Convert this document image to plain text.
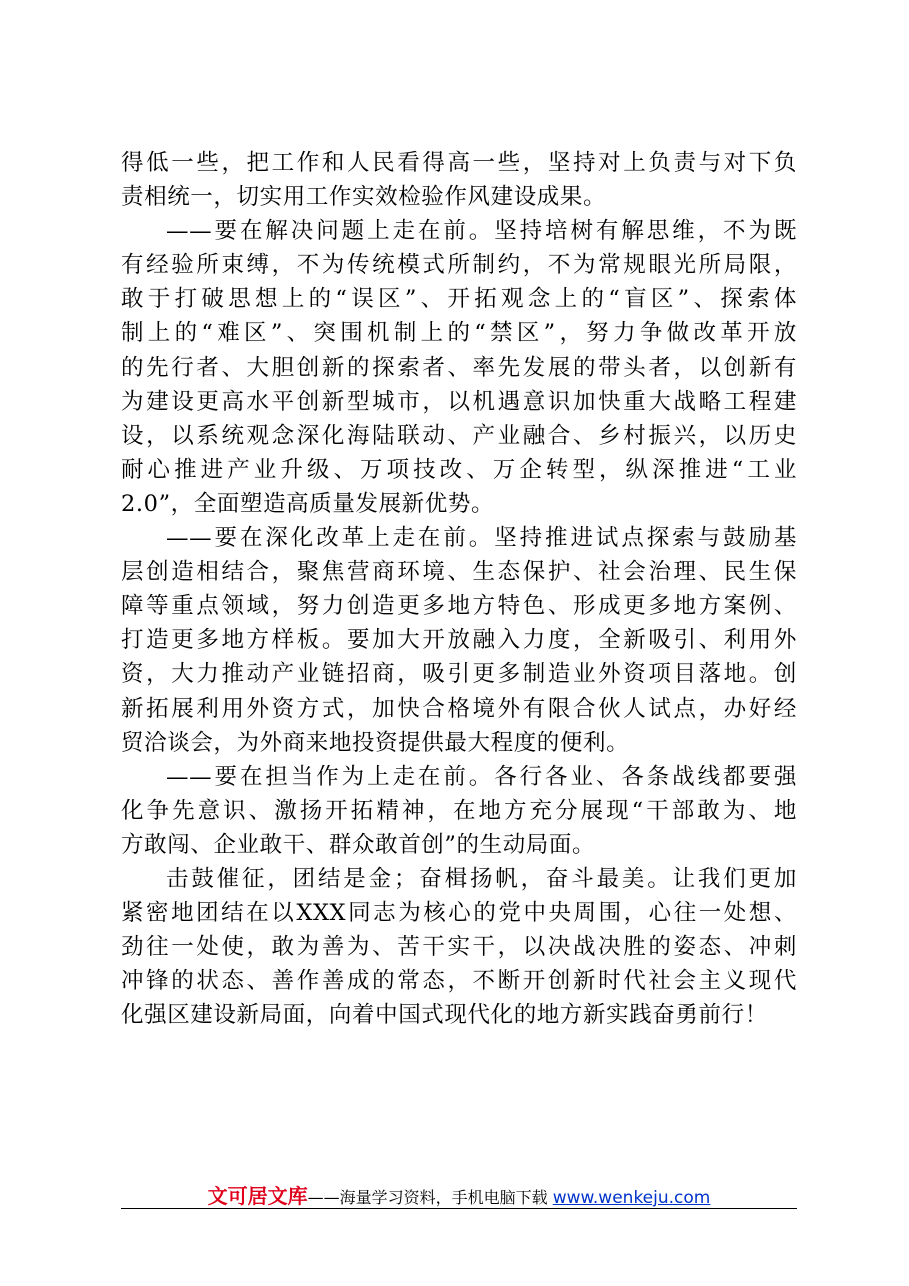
得低一些，把工作和人民看得高一些，坚持对上负责与对下负
责相统一，切实用工作实效检验作风建设成果。
——要在解决问题上走在前。坚持培树有解思维，不为既
有经验所束缚，不为传统模式所制约，不为常规眼光所局限，
敢于打破思想上的“误区”、开拓观念上的“盲区”、探索体
制上的“难区”、突围机制上的“禁区”，努力争做改革开放
的先行者、大胆创新的探索者、率先发展的带头者，以创新有
为建设更高水平创新型城市，以机遇意识加快重大战略工程建
设，以系统观念深化海陆联动、产业融合、乡村振兴，以历史
耐心推进产业升级、万项技改、万企转型，纵深推进“工业
2.0”，全面塑造高质量发展新优势。
——要在深化改革上走在前。坚持推进试点探索与鼓励基
层创造相结合，聚焦营商环境、生态保护、社会治理、民生保
障等重点领域，努力创造更多地方特色、形成更多地方案例、
打造更多地方样板。要加大开放融入力度，全新吸引、利用外
资，大力推动产业链招商，吸引更多制造业外资项目落地。创
新拓展利用外资方式，加快合格境外有限合伙人试点，办好经
贸洽谈会，为外商来地投资提供最大程度的便利。
——要在担当作为上走在前。各行各业、各条战线都要强
化争先意识、激扬开拓精神，在地方充分展现“干部敢为、地
方敢闯、企业敢干、群众敢首创”的生动局面。
击鼓催征，团结是金；奋楫扬帆，奋斗最美。让我们更加
紧密地团结在以XXX同志为核心的党中央周围，心往一处想、
劲往一处使，敢为善为、苦干实干，以决战决胜的姿态、冲刺
冲锋的状态、善作善成的常态，不断开创新时代社会主义现代
化强区建设新局面，向着中国式现代化的地方新实践奋勇前行！
文可居文库——海量学习资料，手机电脑下载 www.wenkeju.com
